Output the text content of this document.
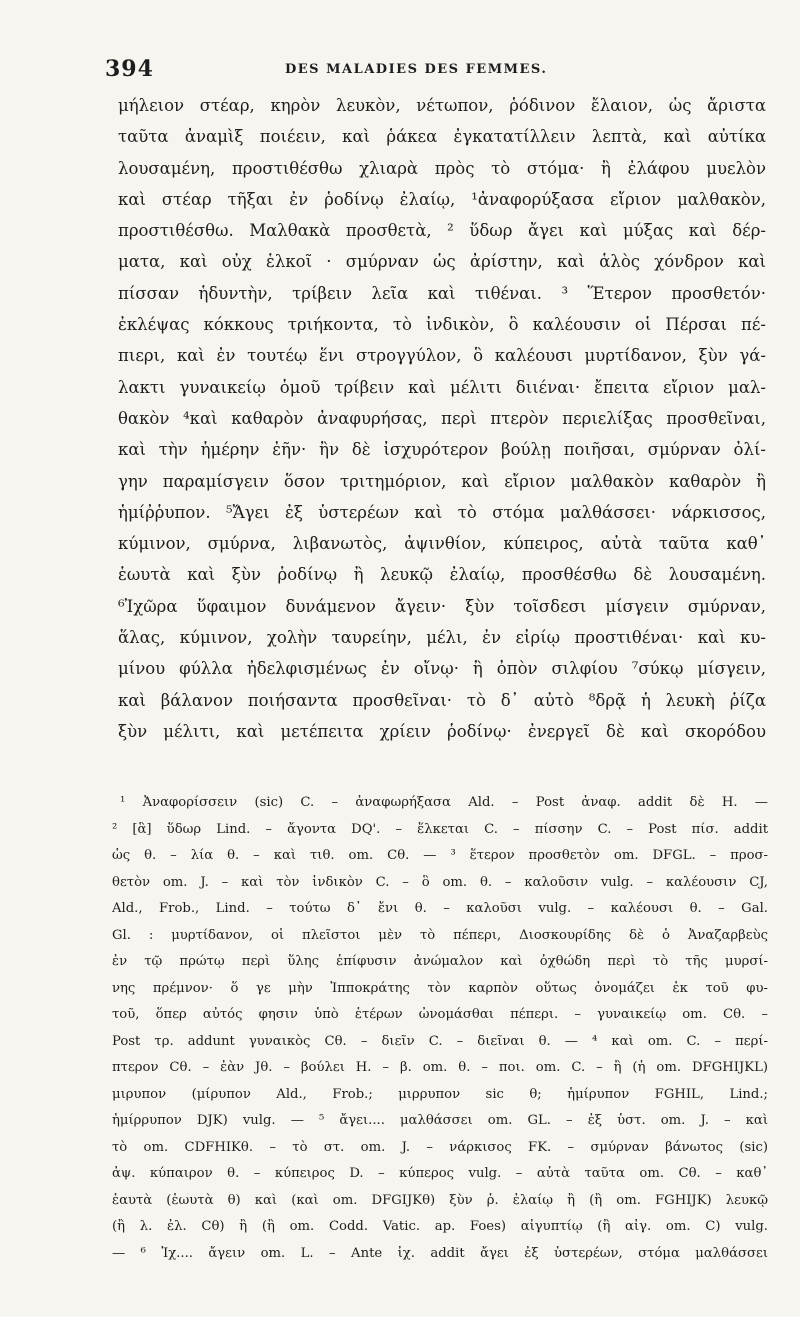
394	DES MALADIES DES FEMMES.
μήλειον στέαρ, κηρὸν λευκὸν, νέτωπον, ῥόδινον ἔλαιον, ὡς ἄριστα
ταῦτα ἀναμὶξ ποιέειν, καὶ ῥάκεα ἐγκατατίλλειν λεπτὰ, καὶ αὐτίκα
λουσαμένη, προστιθέσθω χλιαρὰ πρὸς τὸ στόμα· ἢ ἐλάφου μυελὸν
καὶ στέαρ τῆξαι ἐν ῥοδίνῳ ἐλαίῳ, ¹ἀναφορύξασα εἴριον μαλθακὸν,
προστιθέσθω. Μαλθακὰ προσθετὰ, ² ὕδωρ ἄγει καὶ μύξας καὶ δέρ-
ματα, καὶ οὐχ ἑλκοῖ · σμύρναν ὡς ἀρίστην, καὶ ἁλὸς χόνδρον καὶ
πίσσαν ἡδυντὴν, τρίβειν λεῖα καὶ τιθέναι. ³ Ἕτερον προσθετόν·
ἐκλέψας κόκκους τριήκοντα, τὸ ἰνδικὸν, ὃ καλέουσιν οἱ Πέρσαι πέ-
πιερι, καὶ ἐν τουτέῳ ἕνι στρογγύλον, ὃ καλέουσι μυρτίδανον, ξὺν γά-
λακτι γυναικείῳ ὁμοῦ τρίβειν καὶ μέλιτι διιέναι· ἔπειτα εἴριον μαλ-
θακὸν ⁴καὶ καθαρὸν ἀναφυρήσας, περὶ πτερὸν περιελίξας προσθεῖναι,
καὶ τὴν ἡμέρην ἐῆν· ἢν δὲ ἰσχυρότερον βούλῃ ποιῆσαι, σμύρναν ὀλί-
γην παραμίσγειν ὅσον τριτημόριον, καὶ εἴριον μαλθακὸν καθαρὸν ἢ
ἡμίῤῥυπον. ⁵Ἄγει ἐξ ὑστερέων καὶ τὸ στόμα μαλθάσσει· νάρκισσος,
κύμινον, σμύρνα, λιβανωτὸς, ἀψινθίον, κύπειρος, αὐτὰ ταῦτα καθ᾽
ἑωυτὰ καὶ ξὺν ῥοδίνῳ ἢ λευκῷ ἐλαίῳ, προσθέσθω δὲ λουσαμένη.
⁶Ἰχῶρα ὕφαιμον δυνάμενον ἄγειν· ξὺν τοῖσδεσι μίσγειν σμύρναν,
ἅλας, κύμινον, χολὴν ταυρείην, μέλι, ἐν εἰρίῳ προστιθέναι· καὶ κυ-
μίνου φύλλα ἠδελφισμένως ἐν οἴνῳ· ἢ ὀπὸν σιλφίου ⁷σύκῳ μίσγειν,
καὶ βάλανον ποιήσαντα προσθεῖναι· τὸ δ᾽ αὐτὸ ⁸δρᾷ ἡ λευκὴ ῥίζα
ξὺν μέλιτι, καὶ μετέπειτα χρίειν ῥοδίνῳ· ἐνεργεῖ δὲ καὶ σκορόδου
¹ Ἀναφορίσσειν (sic) C. – ἀναφωρήξασα Ald. – Post ἀναφ. addit δὲ H. —
² [ἃ] ὕδωρ Lind. – ἄγοντα DQ'. – ἕλκεται C. – πίσσην C. – Post πίσ. addit
ὡς θ. – λία θ. – καὶ τιθ. om. Cθ. — ³ ἕτερον προσθετὸν om. DFGL. – προσ-
θετὸν om. J. – καὶ τὸν ἰνδικὸν C. – ὃ om. θ. – καλοῦσιν vulg. – καλέουσιν CJ,
Ald., Frob., Lind. – τούτω δ᾽ ἔνι θ. – καλοῦσι vulg. – καλέουσι θ. – Gal.
Gl. : μυρτίδανον, οἱ πλεῖστοι μὲν τὸ πέπερι, Διοσκουρίδης δὲ ὁ Ἀναζαρβεὺς
ἐν τῷ πρώτῳ περὶ ὕλης ἐπίφυσιν ἀνώμαλον καὶ ὀχθώδη περὶ τὸ τῆς μυρσί-
νης πρέμνον· ὅ γε μὴν Ἱπποκράτης τὸν καρπὸν οὕτως ὀνομάζει ἐκ τοῦ φυ-
τοῦ, ὅπερ αὐτός φησιν ὑπὸ ἑτέρων ὠνομάσθαι πέπερι. – γυναικείῳ om. Cθ. –
Post τρ. addunt γυναικὸς Cθ. – διεῖν C. – διεῖναι θ. — ⁴ καὶ om. C. – περί-
πτερον Cθ. – ἐὰν Jθ. – βούλει H. – β. om. θ. – ποι. om. C. – ἢ (ἡ om. DFGHIJKL)
μιρυπον (μίρυπον Ald., Frob.; μιρρυπον sic θ; ἡμίρυπον FGHIL, Lind.;
ἡμίρρυπον DJK) vulg. — ⁵ ἄγει.... μαλθάσσει om. GL. – ἐξ ὑστ. om. J. – καὶ
τὸ om. CDFHIKθ. – τὸ στ. om. J. – νάρκισος FK. – σμύρναν βάνωτος (sic)
ἀψ. κύπαιρον θ. – κύπειρος D. – κύπερος vulg. – αὐτὰ ταῦτα om. Cθ. – καθ᾽
ἑαυτὰ (ἑωυτὰ θ) καὶ (καὶ om. DFGIJKθ) ξὺν ῥ. ἐλαίῳ ἢ (ἢ om. FGHIJK) λευκῷ
(ἢ λ. ἐλ. Cθ) ἢ (ἢ om. Codd. Vatic. ap. Foes) αἰγυπτίῳ (ἢ αἰγ. om. C) vulg.
— ⁶ Ἰχ.... ἄγειν om. L. – Ante ἰχ. addit ἄγει ἐξ ὑστερέων, στόμα μαλθάσσει
